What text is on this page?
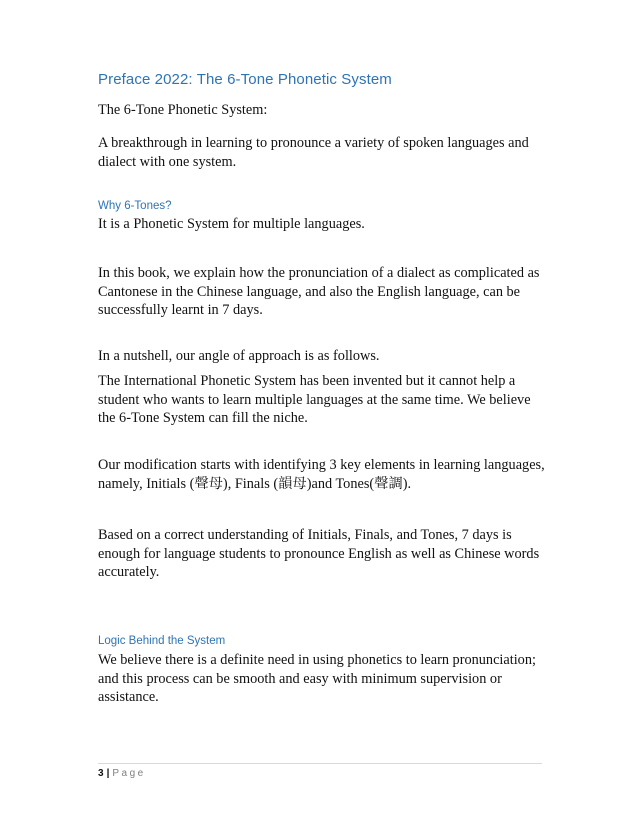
Preface 2022: The 6-Tone Phonetic System

The 6-Tone Phonetic System:

A breakthrough in learning to pronounce a variety of spoken languages and dialect with one system.

Why 6-Tones?

It is a Phonetic System for multiple languages.

In this book, we explain how the pronunciation of a dialect as complicated as Cantonese in the Chinese language, and also the English language, can be successfully learnt in 7 days.

In a nutshell, our angle of approach is as follows.

The International Phonetic System has been invented but it cannot help a student who wants to learn multiple languages at the same time. We believe the 6-Tone System can fill the niche.

Our modification starts with identifying 3 key elements in learning languages, namely, Initials (聲母), Finals (韻母)and Tones(聲調).

Based on a correct understanding of Initials, Finals, and Tones, 7 days is enough for language students to pronounce English as well as Chinese words accurately.

Logic Behind the System

We believe there is a definite need in using phonetics to learn pronunciation; and this process can be smooth and easy with minimum supervision or assistance.

3 | Page
